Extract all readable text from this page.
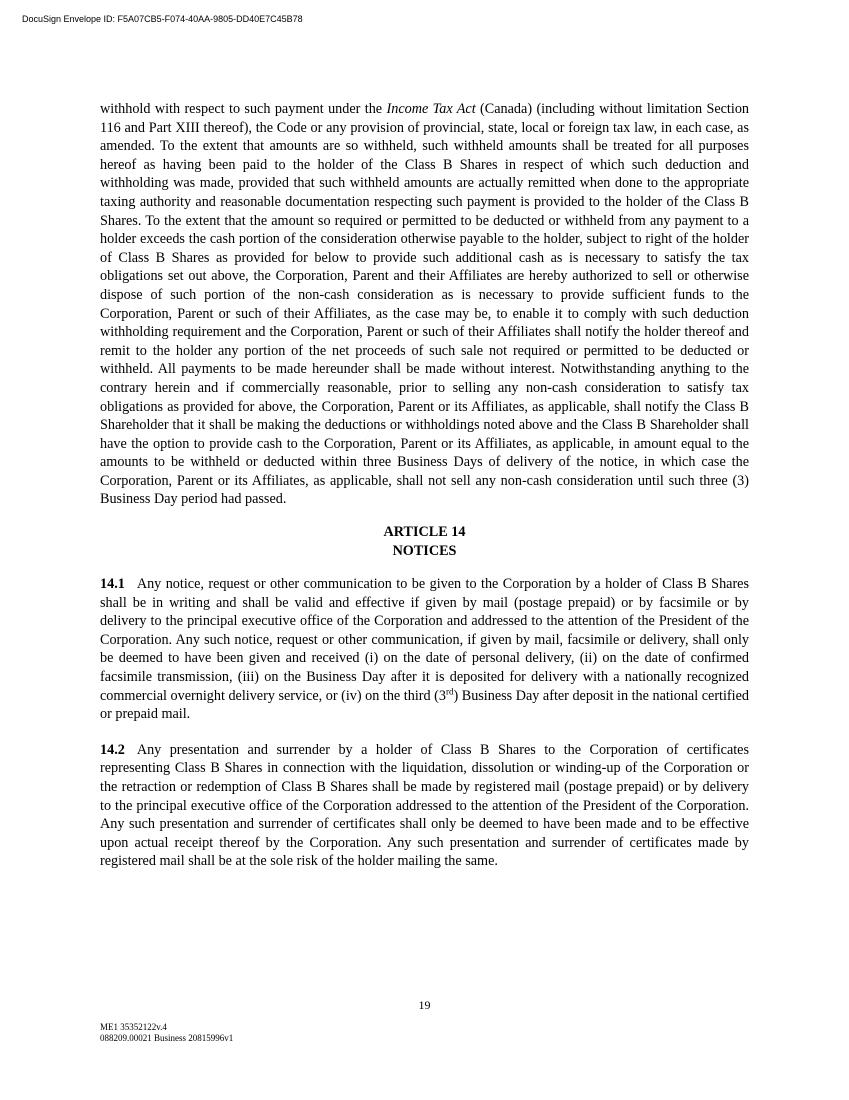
DocuSign Envelope ID: F5A07CB5-F074-40AA-9805-DD40E7C45B78
· · · · · · · · · · · · · · · · · · · ·

withhold with respect to such payment under the Income Tax Act (Canada) (including without limitation Section 116 and Part XIII thereof), the Code or any provision of provincial, state, local or foreign tax law, in each case, as amended. To the extent that amounts are so withheld, such withheld amounts shall be treated for all purposes hereof as having been paid to the holder of the Class B Shares in respect of which such deduction and withholding was made, provided that such withheld amounts are actually remitted when done to the appropriate taxing authority and reasonable documentation respecting such payment is provided to the holder of the Class B Shares. To the extent that the amount so required or permitted to be deducted or withheld from any payment to a holder exceeds the cash portion of the consideration otherwise payable to the holder, subject to right of the holder of Class B Shares as provided for below to provide such additional cash as is necessary to satisfy the tax obligations set out above, the Corporation, Parent and their Affiliates are hereby authorized to sell or otherwise dispose of such portion of the non-cash consideration as is necessary to provide sufficient funds to the Corporation, Parent or such of their Affiliates, as the case may be, to enable it to comply with such deduction withholding requirement and the Corporation, Parent or such of their Affiliates shall notify the holder thereof and remit to the holder any portion of the net proceeds of such sale not required or permitted to be deducted or withheld. All payments to be made hereunder shall be made without interest. Notwithstanding anything to the contrary herein and if commercially reasonable, prior to selling any non-cash consideration to satisfy tax obligations as provided for above, the Corporation, Parent or its Affiliates, as applicable, shall notify the Class B Shareholder that it shall be making the deductions or withholdings noted above and the Class B Shareholder shall have the option to provide cash to the Corporation, Parent or its Affiliates, as applicable, in amount equal to the amounts to be withheld or deducted within three Business Days of delivery of the notice, in which case the Corporation, Parent or its Affiliates, as applicable, shall not sell any non-cash consideration until such three (3) Business Day period had passed.

ARTICLE 14
NOTICES

14.1 Any notice, request or other communication to be given to the Corporation by a holder of Class B Shares shall be in writing and shall be valid and effective if given by mail (postage prepaid) or by facsimile or by delivery to the principal executive office of the Corporation and addressed to the attention of the President of the Corporation. Any such notice, request or other communication, if given by mail, facsimile or delivery, shall only be deemed to have been given and received (i) on the date of personal delivery, (ii) on the date of confirmed facsimile transmission, (iii) on the Business Day after it is deposited for delivery with a nationally recognized commercial overnight delivery service, or (iv) on the third (3rd) Business Day after deposit in the national certified or prepaid mail.

14.2 Any presentation and surrender by a holder of Class B Shares to the Corporation of certificates representing Class B Shares in connection with the liquidation, dissolution or winding-up of the Corporation or the retraction or redemption of Class B Shares shall be made by registered mail (postage prepaid) or by delivery to the principal executive office of the Corporation addressed to the attention of the President of the Corporation. Any such presentation and surrender of certificates shall only be deemed to have been made and to be effective upon actual receipt thereof by the Corporation. Any such presentation and surrender of certificates made by registered mail shall be at the sole risk of the holder mailing the same.

19
ME1 35352122v.4
088209.00021 Business 20815996v1
